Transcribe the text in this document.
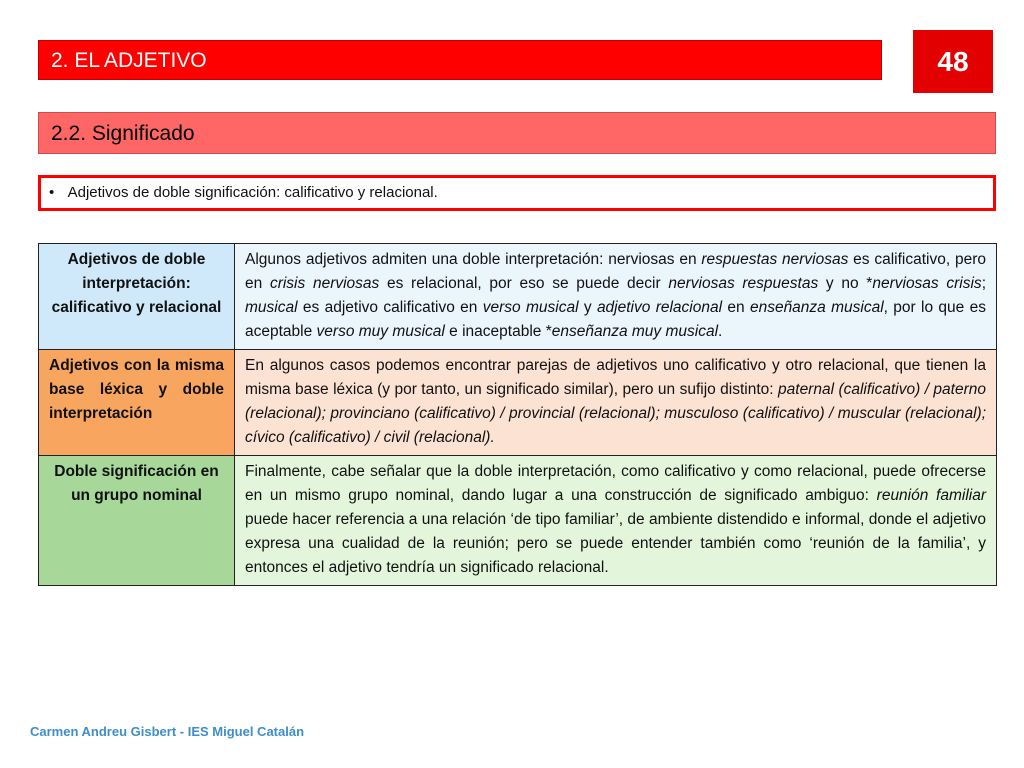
2. EL ADJETIVO	48
2.2. Significado
• Adjetivos de doble significación: calificativo y relacional.
Adjetivos de doble interpretación: calificativo y relacional	Algunos adjetivos admiten una doble interpretación: nerviosas en respuestas nerviosas es calificativo, pero en crisis nerviosas es relacional, por eso se puede decir nerviosas respuestas y no *nerviosas crisis; musical es adjetivo calificativo en verso musical y adjetivo relacional en enseñanza musical, por lo que es aceptable verso muy musical e inaceptable *enseñanza muy musical.
Adjetivos con la misma base léxica y doble interpretación	En algunos casos podemos encontrar parejas de adjetivos uno calificativo y otro relacional, que tienen la misma base léxica (y por tanto, un significado similar), pero un sufijo distinto: paternal (calificativo) / paterno (relacional); provinciano (calificativo) / provincial (relacional); musculoso (calificativo) / muscular (relacional); cívico (calificativo) / civil (relacional).
Doble significación en un grupo nominal	Finalmente, cabe señalar que la doble interpretación, como calificativo y como relacional, puede ofrecerse en un mismo grupo nominal, dando lugar a una construcción de significado ambiguo: reunión familiar puede hacer referencia a una relación ‘de tipo familiar’, de ambiente distendido e informal, donde el adjetivo expresa una cualidad de la reunión; pero se puede entender también como ‘reunión de la familia’, y entonces el adjetivo tendría un significado relacional.
Carmen Andreu Gisbert - IES Miguel Catalán
